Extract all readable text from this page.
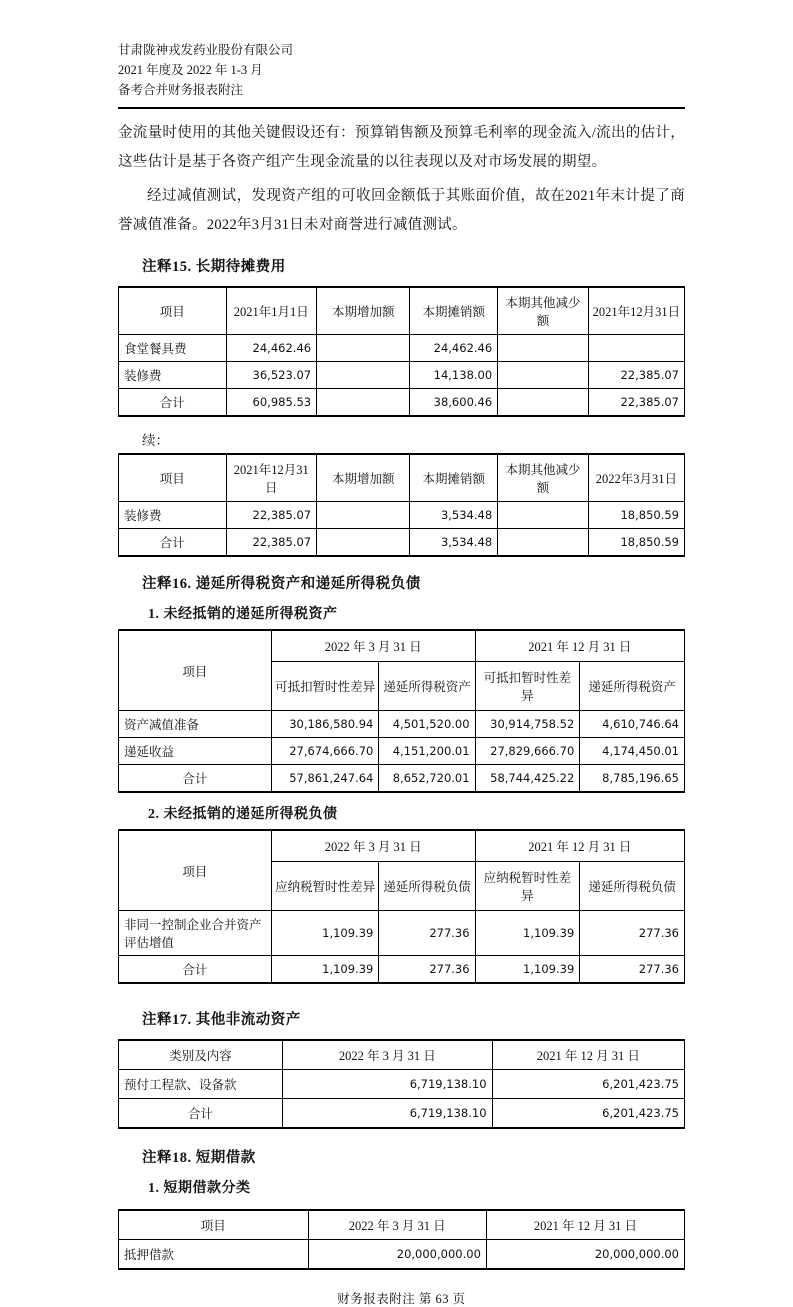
甘肃陇神戎发药业股份有限公司
2021 年度及 2022 年 1-3 月
备考合并财务报表附注

金流量时使用的其他关键假设还有：预算销售额及预算毛利率的现金流入/流出的估计，这些估计是基于各资产组产生现金流量的以往表现以及对市场发展的期望。

经过减值测试，发现资产组的可收回金额低于其账面价值，故在2021年末计提了商誉减值准备。2022年3月31日未对商誉进行减值测试。

注释15. 长期待摊费用
项目	2021年1月1日	本期增加额	本期摊销额	本期其他减少额	2021年12月31日
食堂餐具费	24,462.46		24,462.46		
装修费	36,523.07		14,138.00		22,385.07
合计	60,985.53		38,600.46		22,385.07

续：

项目	2021年12月31日	本期增加额	本期摊销额	本期其他减少额	2022年3月31日
装修费	22,385.07		3,534.48		18,850.59
合计	22,385.07		3,534.48		18,850.59
注释16. 递延所得税资产和递延所得税负债
1. 未经抵销的递延所得税资产
项目	2022 年 3 月 31 日		2021 年 12 月 31 日	
	可抵扣暂时性差异	递延所得税资产	可抵扣暂时性差异	递延所得税资产
资产减值准备	30,186,580.94	4,501,520.00	30,914,758.52	4,610,746.64
递延收益	27,674,666.70	4,151,200.01	27,829,666.70	4,174,450.01
合计	57,861,247.64	8,652,720.01	58,744,425.22	8,785,196.65
2. 未经抵销的递延所得税负债
项目	2022 年 3 月 31 日		2021 年 12 月 31 日	
	应纳税暂时性差异	递延所得税负债	应纳税暂时性差异	递延所得税负债
非同一控制企业合并资产评估增值	1,109.39	277.36	1,109.39	277.36
合计	1,109.39	277.36	1,109.39	277.36
注释17. 其他非流动资产
类别及内容	2022 年 3 月 31 日	2021 年 12 月 31 日
预付工程款、设备款	6,719,138.10	6,201,423.75
合计	6,719,138.10	6,201,423.75
注释18. 短期借款
1. 短期借款分类
项目	2022 年 3 月 31 日	2021 年 12 月 31 日
抵押借款	20,000,000.00	20,000,000.00
财务报表附注 第 63 页
